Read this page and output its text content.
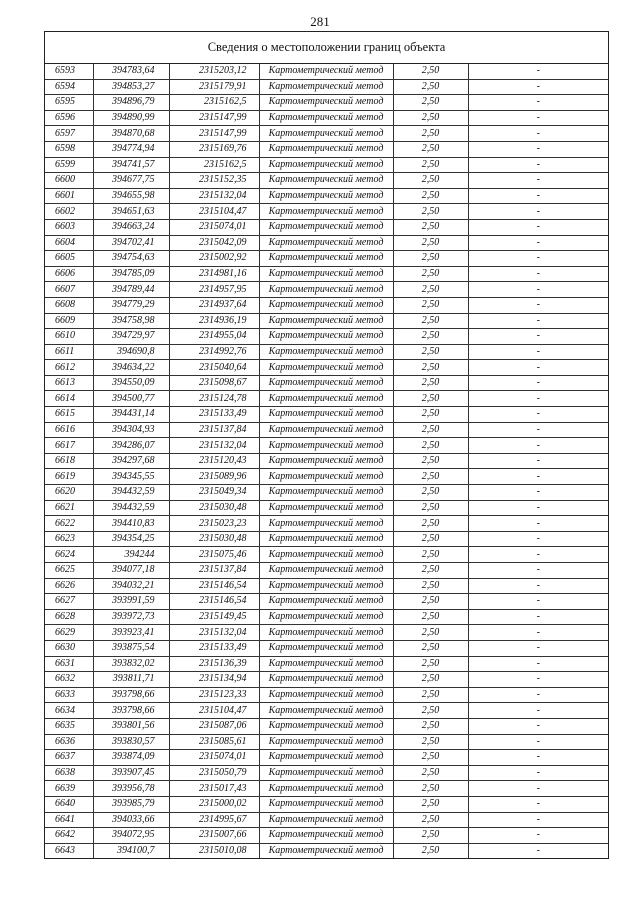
281
Сведения о местоположении границ объекта
6593	394783,64	2315203,12	Картометрический метод	2,50	-
6594	394853,27	2315179,91	Картометрический метод	2,50	-
6595	394896,79	2315162,5	Картометрический метод	2,50	-
6596	394890,99	2315147,99	Картометрический метод	2,50	-
6597	394870,68	2315147,99	Картометрический метод	2,50	-
6598	394774,94	2315169,76	Картометрический метод	2,50	-
6599	394741,57	2315162,5	Картометрический метод	2,50	-
6600	394677,75	2315152,35	Картометрический метод	2,50	-
6601	394655,98	2315132,04	Картометрический метод	2,50	-
6602	394651,63	2315104,47	Картометрический метод	2,50	-
6603	394663,24	2315074,01	Картометрический метод	2,50	-
6604	394702,41	2315042,09	Картометрический метод	2,50	-
6605	394754,63	2315002,92	Картометрический метод	2,50	-
6606	394785,09	2314981,16	Картометрический метод	2,50	-
6607	394789,44	2314957,95	Картометрический метод	2,50	-
6608	394779,29	2314937,64	Картометрический метод	2,50	-
6609	394758,98	2314936,19	Картометрический метод	2,50	-
6610	394729,97	2314955,04	Картометрический метод	2,50	-
6611	394690,8	2314992,76	Картометрический метод	2,50	-
6612	394634,22	2315040,64	Картометрический метод	2,50	-
6613	394550,09	2315098,67	Картометрический метод	2,50	-
6614	394500,77	2315124,78	Картометрический метод	2,50	-
6615	394431,14	2315133,49	Картометрический метод	2,50	-
6616	394304,93	2315137,84	Картометрический метод	2,50	-
6617	394286,07	2315132,04	Картометрический метод	2,50	-
6618	394297,68	2315120,43	Картометрический метод	2,50	-
6619	394345,55	2315089,96	Картометрический метод	2,50	-
6620	394432,59	2315049,34	Картометрический метод	2,50	-
6621	394432,59	2315030,48	Картометрический метод	2,50	-
6622	394410,83	2315023,23	Картометрический метод	2,50	-
6623	394354,25	2315030,48	Картометрический метод	2,50	-
6624	394244	2315075,46	Картометрический метод	2,50	-
6625	394077,18	2315137,84	Картометрический метод	2,50	-
6626	394032,21	2315146,54	Картометрический метод	2,50	-
6627	393991,59	2315146,54	Картометрический метод	2,50	-
6628	393972,73	2315149,45	Картометрический метод	2,50	-
6629	393923,41	2315132,04	Картометрический метод	2,50	-
6630	393875,54	2315133,49	Картометрический метод	2,50	-
6631	393832,02	2315136,39	Картометрический метод	2,50	-
6632	393811,71	2315134,94	Картометрический метод	2,50	-
6633	393798,66	2315123,33	Картометрический метод	2,50	-
6634	393798,66	2315104,47	Картометрический метод	2,50	-
6635	393801,56	2315087,06	Картометрический метод	2,50	-
6636	393830,57	2315085,61	Картометрический метод	2,50	-
6637	393874,09	2315074,01	Картометрический метод	2,50	-
6638	393907,45	2315050,79	Картометрический метод	2,50	-
6639	393956,78	2315017,43	Картометрический метод	2,50	-
6640	393985,79	2315000,02	Картометрический метод	2,50	-
6641	394033,66	2314995,67	Картометрический метод	2,50	-
6642	394072,95	2315007,66	Картометрический метод	2,50	-
6643	394100,7	2315010,08	Картометрический метод	2,50	-
